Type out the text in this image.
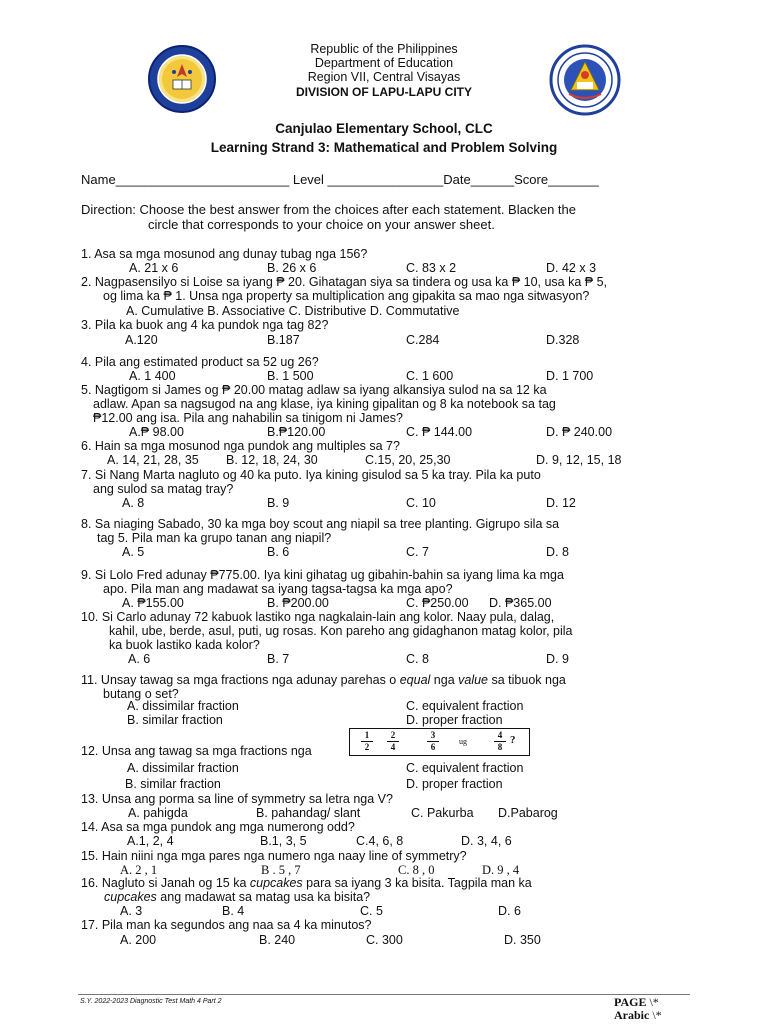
Republic of the Philippines
Department of Education
Region VII, Central Visayas
DIVISION OF LAPU-LAPU CITY
Canjulao Elementary School, CLC
Learning Strand 3: Mathematical and Problem Solving
Name________________________ Level ________________Date______Score_______
Direction: Choose the best answer from the choices after each statement. Blacken the
circle that corresponds to your choice on your answer sheet.
1. Asa sa mga mosunod ang dunay tubag nga 156?
A. 21 x 6	B. 26 x 6	C. 83 x 2	D. 42 x 3
2. Nagpasensilyo si Loise sa iyang ₱ 20. Gihatagan siya sa tindera og usa ka ₱ 10, usa ka ₱ 5,
og lima ka ₱ 1. Unsa nga property sa multiplication ang gipakita sa mao nga sitwasyon?
A. Cumulative B. Associative C. Distributive D. Commutative
3. Pila ka buok ang 4 ka pundok nga tag 82?
A.120	B.187	C.284	D.328
4. Pila ang estimated product sa 52 ug 26?
A. 1 400	B. 1 500	C. 1 600	D. 1 700
5. Nagtigom si James og ₱ 20.00 matag adlaw sa iyang alkansiya sulod na sa 12 ka
adlaw. Apan sa nagsugod na ang klase, iya kining gipalitan og 8 ka notebook sa tag
₱12.00 ang isa. Pila ang nahabilin sa tinigom ni James?
A.₱ 98.00	B.₱120.00	C. ₱ 144.00	D. ₱ 240.00
6. Hain sa mga mosunod nga pundok ang multiples sa 7?
A. 14, 21, 28, 35 B. 12, 18, 24, 30	C.15, 20, 25,30	D. 9, 12, 15, 18
7. Si Nang Marta nagluto og 40 ka puto. Iya kining gisulod sa 5 ka tray. Pila ka puto
ang sulod sa matag tray?
A. 8	B. 9	C. 10	D. 12
8. Sa niaging Sabado, 30 ka mga boy scout ang niapil sa tree planting. Gigrupo sila sa
tag 5. Pila man ka grupo tanan ang niapil?
A. 5	B. 6	C. 7	D. 8
9. Si Lolo Fred adunay ₱775.00. Iya kini gihatag ug gibahin-bahin sa iyang lima ka mga
apo. Pila man ang madawat sa iyang tagsa-tagsa ka mga apo?
A. ₱155.00	B. ₱200.00	C. ₱250.00 D. ₱365.00
10. Si Carlo adunay 72 kabuok lastiko nga nagkalain-lain ang kolor. Naay pula, dalag,
kahil, ube, berde, asul, puti, ug rosas. Kon pareho ang gidaghanon matag kolor, pila
ka buok lastiko kada kolor?
A. 6	B. 7	C. 8	D. 9
11. Unsay tawag sa mga fractions nga adunay parehas o equal nga value sa tibuok nga
butang o set?
A. dissimilar fraction	C. equivalent fraction
B. similar fraction	D. proper fraction
1
2
2
4
3
6
ug
4
8
?
12. Unsa ang tawag sa mga fractions nga
A. dissimilar fraction	C. equivalent fraction
B. similar fraction	D. proper fraction
13. Unsa ang porma sa line of symmetry sa letra nga V?
A. pahigda	B. pahandag/ slant	C. Pakurba D.Pabarog
14. Asa sa mga pundok ang mga numerong odd?
A.1, 2, 4	B.1, 3, 5	C.4, 6, 8	D. 3, 4, 6
15. Hain niini nga mga pares nga numero nga naay line of symmetry?
A. 2 , 1	B . 5 , 7	C. 8 , 0	D. 9 , 4
16. Nagluto si Janah og 15 ka cupcakes para sa iyang 3 ka bisita. Tagpila man ka
cupcakes ang madawat sa matag usa ka bisita?
A. 3	B. 4	C. 5	D. 6
17. Pila man ka segundos ang naa sa 4 ka minutos?
A. 200	B. 240	C. 300	D. 350
S.Y. 2022-2023 Diagnostic Test Math 4 Part 2	PAGE \*
Arabic \*
